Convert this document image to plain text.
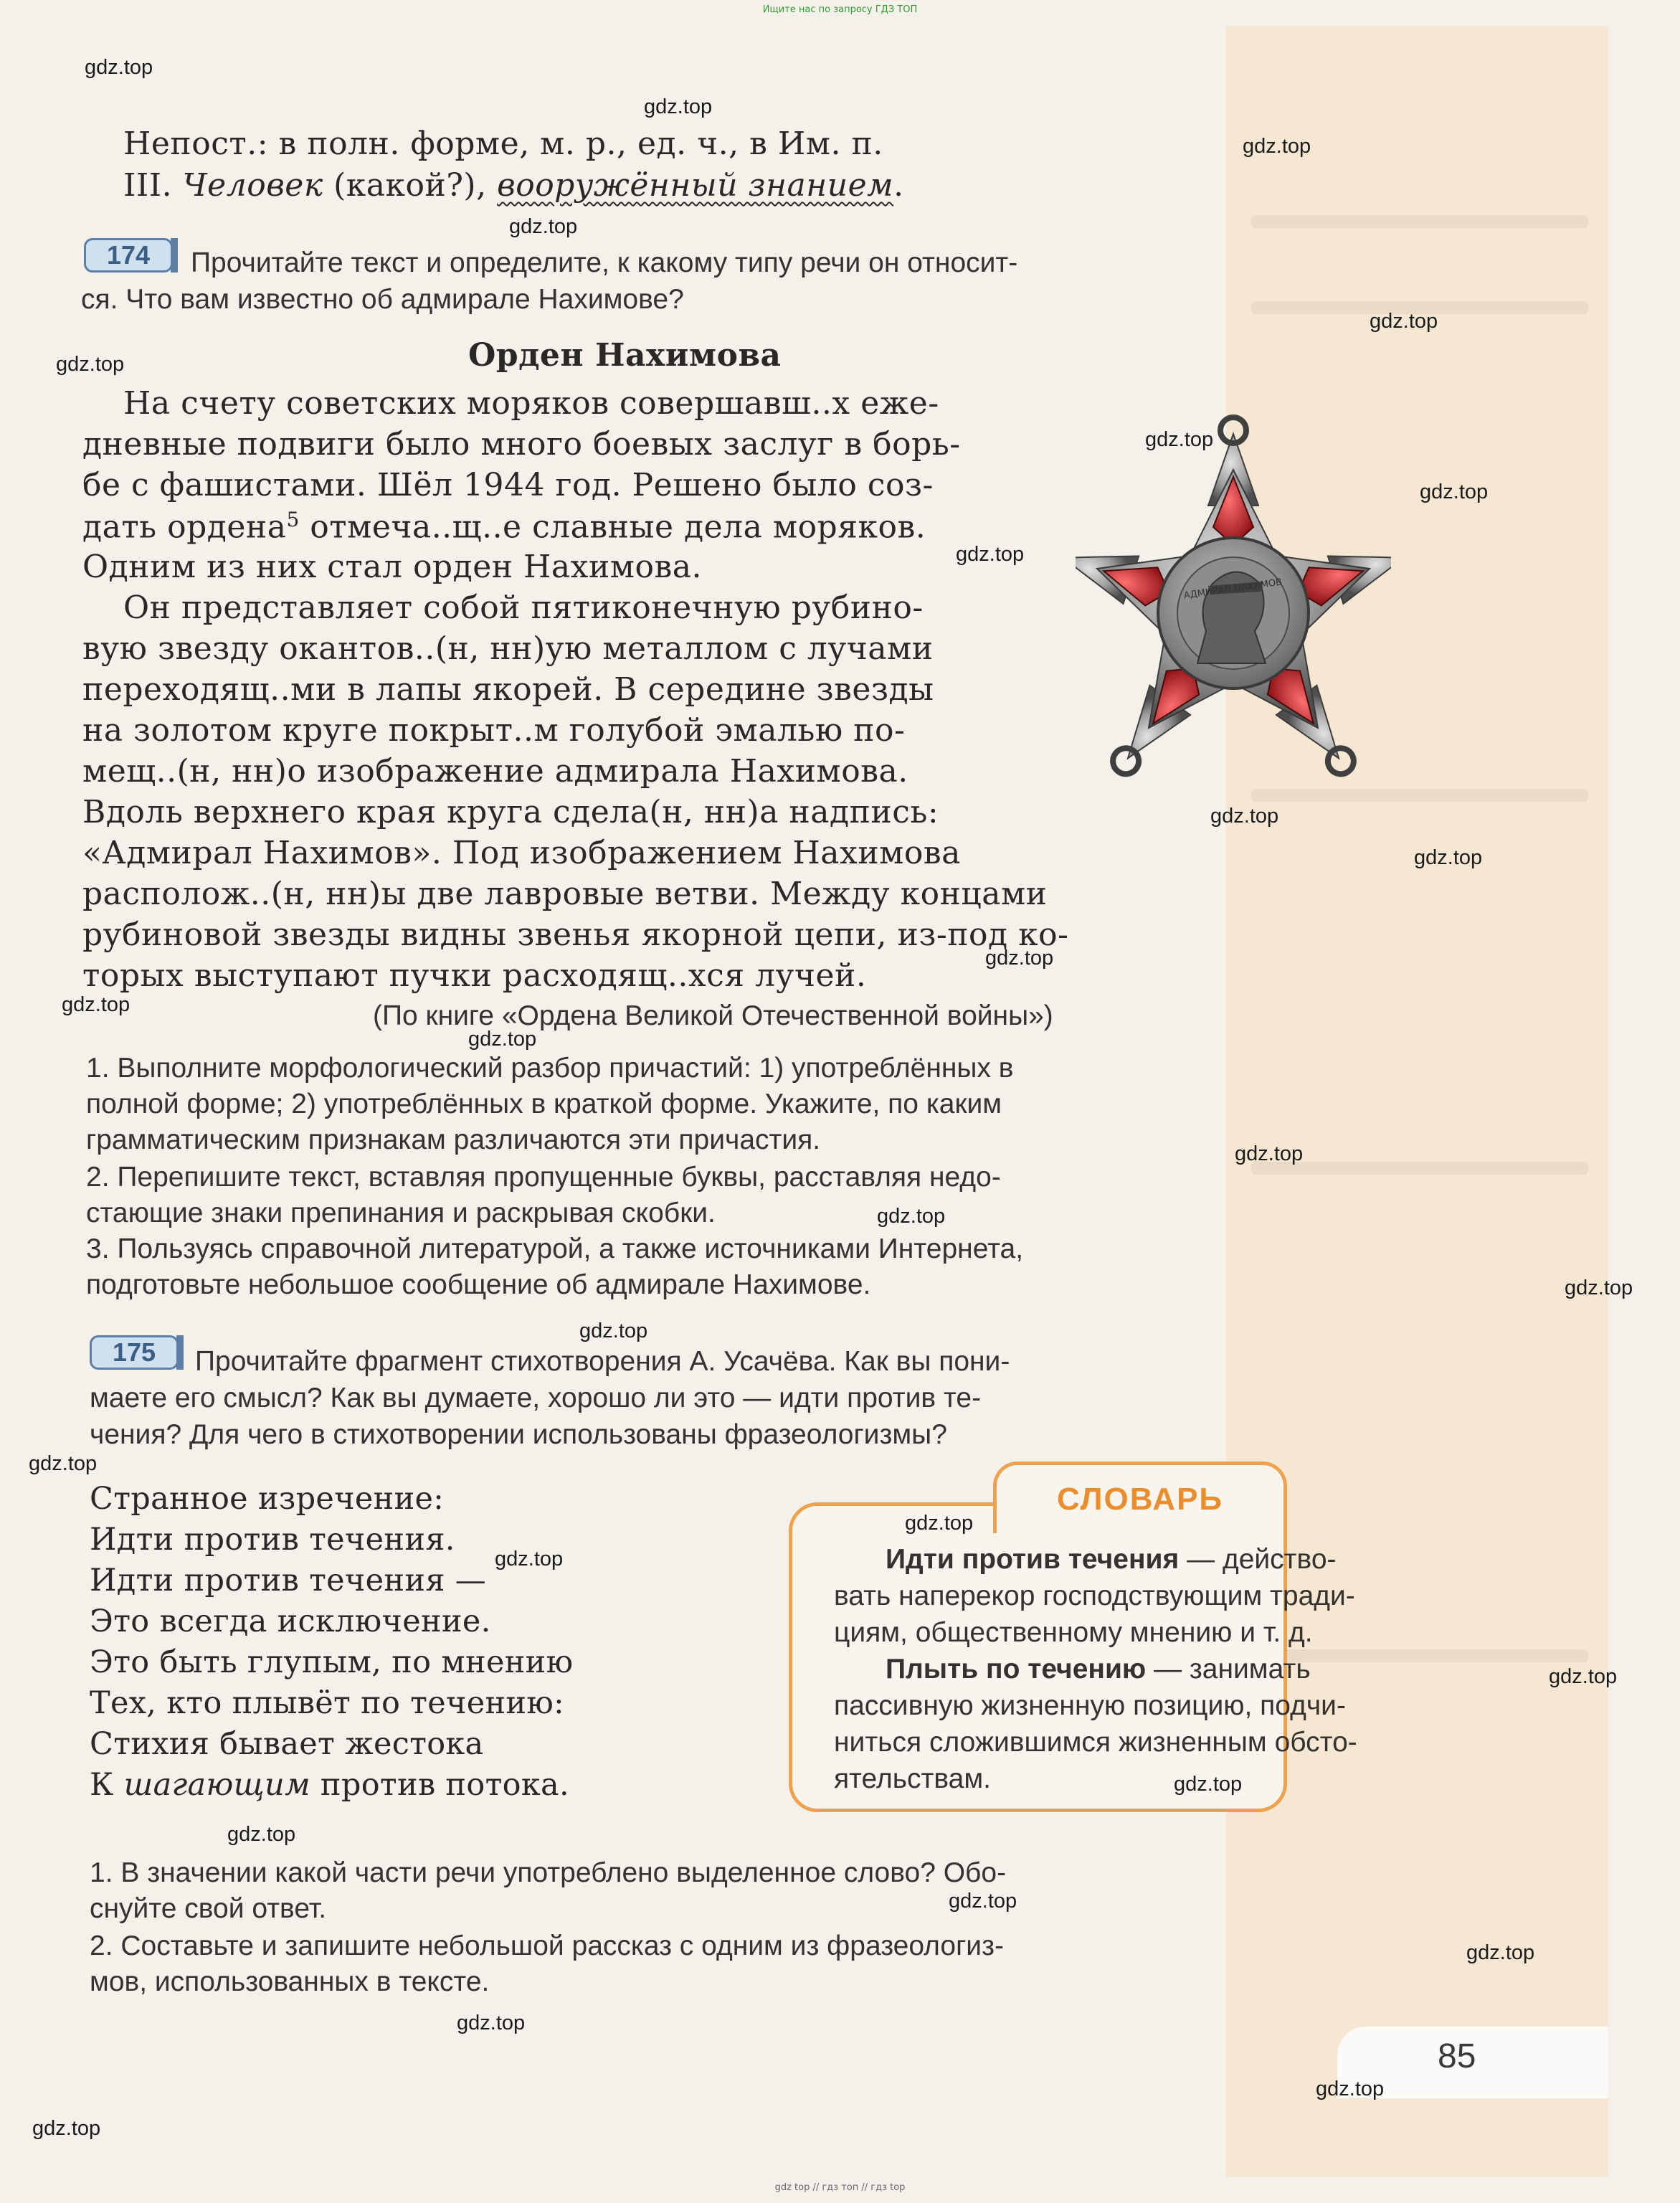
Ищите нас по запросу ГДЗ ТОП
Непост.: в полн. форме, м. р., ед. ч., в Им. п.
III. Человек (какой?), вооружённый знанием.
174	Прочитайте текст и определите, к какому типу речи он относит-
ся. Что вам известно об адмирале Нахимове?
Орден Нахимова
На счету советских моряков совершавш..х еже-
дневные подвиги было много боевых заслуг в борь-
бе с фашистами. Шёл 1944 год. Решено было соз-
дать ордена$^5$ отмеча..щ..е славные дела моряков.
Одним из них стал орден Нахимова.
Он представляет собой пятиконечную рубино-
вую звезду окантов..(н, нн)ую металлом с лучами
переходящ..ми в лапы якорей. В середине звезды
на золотом круге покрыт..м голубой эмалью по-
мещ..(н, нн)о изображение адмирала Нахимова.
Вдоль верхнего края круга сдела(н, нн)а надпись:
«Адмирал Нахимов». Под изображением Нахимова
располож..(н, нн)ы две лавровые ветви. Между концами
рубиновой звезды видны звенья якорной цепи, из-под ко-
торых выступают пучки расходящ..хся лучей.
(По книге «Ордена Великой Отечественной войны»)
1. Выполните морфологический разбор причастий: 1) употреблённых в
полной форме; 2) употреблённых в краткой форме. Укажите, по каким
грамматическим признакам различаются эти причастия.
2. Перепишите текст, вставляя пропущенные буквы, расставляя недо-
стающие знаки препинания и раскрывая скобки.
3. Пользуясь справочной литературой, а также источниками Интернета,
подготовьте небольшое сообщение об адмирале Нахимове.
АДМИРАЛ НАХИМОВ
175	Прочитайте фрагмент стихотворения А. Усачёва. Как вы пони-
маете его смысл? Как вы думаете, хорошо ли это — идти против те-
чения? Для чего в стихотворении использованы фразеологизмы?
Странное изречение:
Идти против течения.
Идти против течения —
Это всегда исключение.
Это быть глупым, по мнению
Тех, кто плывёт по течению:
Стихия бывает жестока
К шагающим против потока.
1. В значении какой части речи употреблено выделенное слово? Обо-
снуйте свой ответ.
2. Составьте и запишите небольшой рассказ с одним из фразеологиз-
мов, использованных в тексте.
СЛОВАРЬ
Идти против течения — действо-
вать наперекор господствующим тради-
циям, общественному мнению и т. д.
Плыть по течению — занимать
пассивную жизненную позицию, подчи-
ниться сложившимся жизненным обсто-
ятельствам.
85
gdz.top
gdz.top
gdz.top
gdz.top
gdz.top
gdz.top
gdz.top
gdz.top
gdz.top
gdz.top
gdz.top
gdz.top
gdz.top
gdz.top
gdz.top
gdz.top
gdz.top
gdz.top
gdz.top
gdz.top
gdz.top
gdz.top
gdz.top
gdz.top
gdz.top
gdz.top
gdz.top
gdz.top
gdz.top
gdz top // гдз топ // гдз top
